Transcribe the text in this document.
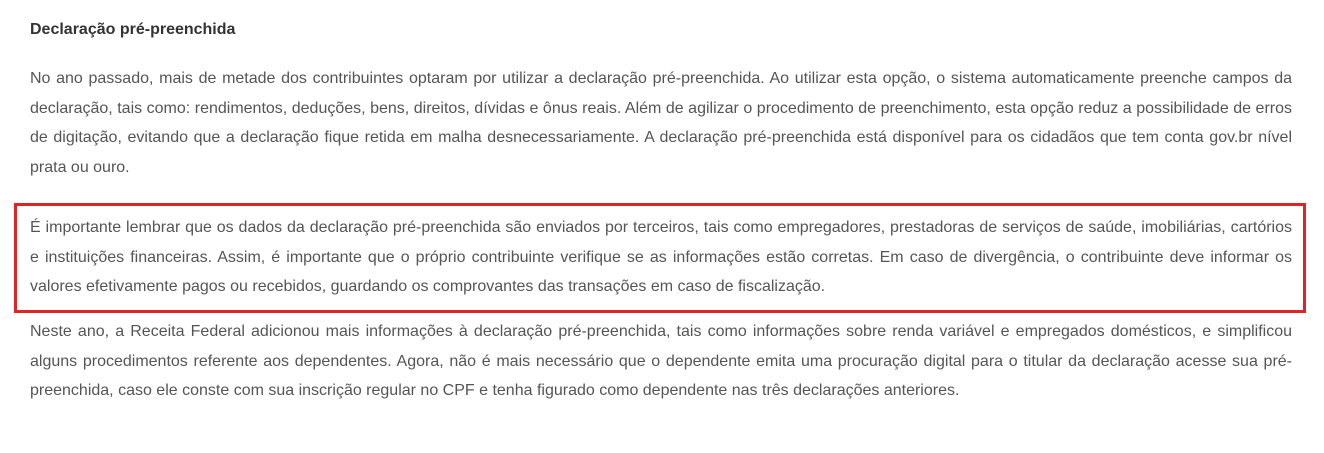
Declaração pré-preenchida

No ano passado, mais de metade dos contribuintes optaram por utilizar a declaração pré-preenchida. Ao utilizar esta opção, o sistema automaticamente preenche campos da declaração, tais como: rendimentos, deduções, bens, direitos, dívidas e ônus reais. Além de agilizar o procedimento de preenchimento, esta opção reduz a possibilidade de erros de digitação, evitando que a declaração fique retida em malha desnecessariamente. A declaração pré-preenchida está disponível para os cidadãos que tem conta gov.br nível prata ou ouro.

É importante lembrar que os dados da declaração pré-preenchida são enviados por terceiros, tais como empregadores, prestadoras de serviços de saúde, imobiliárias, cartórios e instituições financeiras. Assim, é importante que o próprio contribuinte verifique se as informações estão corretas. Em caso de divergência, o contribuinte deve informar os valores efetivamente pagos ou recebidos, guardando os comprovantes das transações em caso de fiscalização.

Neste ano, a Receita Federal adicionou mais informações à declaração pré-preenchida, tais como informações sobre renda variável e empregados domésticos, e simplificou alguns procedimentos referente aos dependentes. Agora, não é mais necessário que o dependente emita uma procuração digital para o titular da declaração acesse sua pré-preenchida, caso ele conste com sua inscrição regular no CPF e tenha figurado como dependente nas três declarações anteriores.
